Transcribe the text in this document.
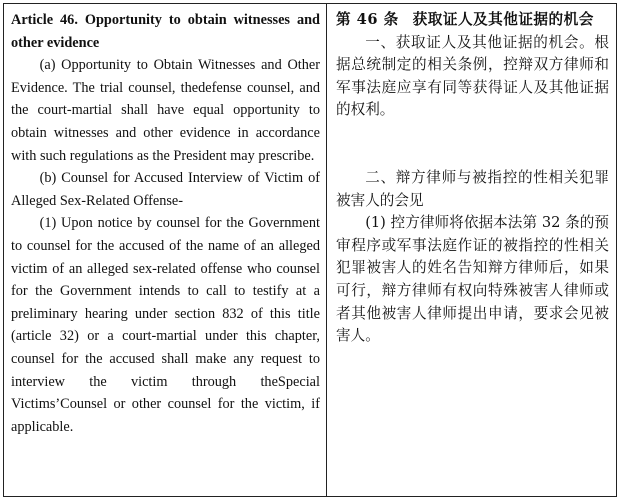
Article 46. Opportunity to obtain witnesses and other evidence

(a) Opportunity to Obtain Witnesses and Other Evidence. The trial counsel, thedefense counsel, and the court-martial shall have equal opportunity to obtain witnesses and other evidence in accordance with such regulations as the President may prescribe.

(b) Counsel for Accused Interview of Victim of Alleged Sex-Related Offense-

(1) Upon notice by counsel for the Government to counsel for the accused of the name of an alleged victim of an alleged sex-related offense who counsel for the Government intends to call to testify at a preliminary hearing under section 832 of this title (article 32) or a court-martial under this chapter, counsel for the accused shall make any request to interview the victim through theSpecial Victims’Counsel or other counsel for the victim, if applicable.

第 46 条 获取证人及其他证据的机会

一、获取证人及其他证据的机会。根据总统制定的相关条例，控辩双方律师和军事法庭应享有同等获得证人及其他证据的权利。

二、辩方律师与被指控的性相关犯罪被害人的会见

(1) 控方律师将依据本法第 32 条的预审程序或军事法庭作证的被指控的性相关犯罪被害人的姓名告知辩方律师后，如果可行，辩方律师有权向特殊被害人律师或者其他被害人律师提出申请，要求会见被害人。
